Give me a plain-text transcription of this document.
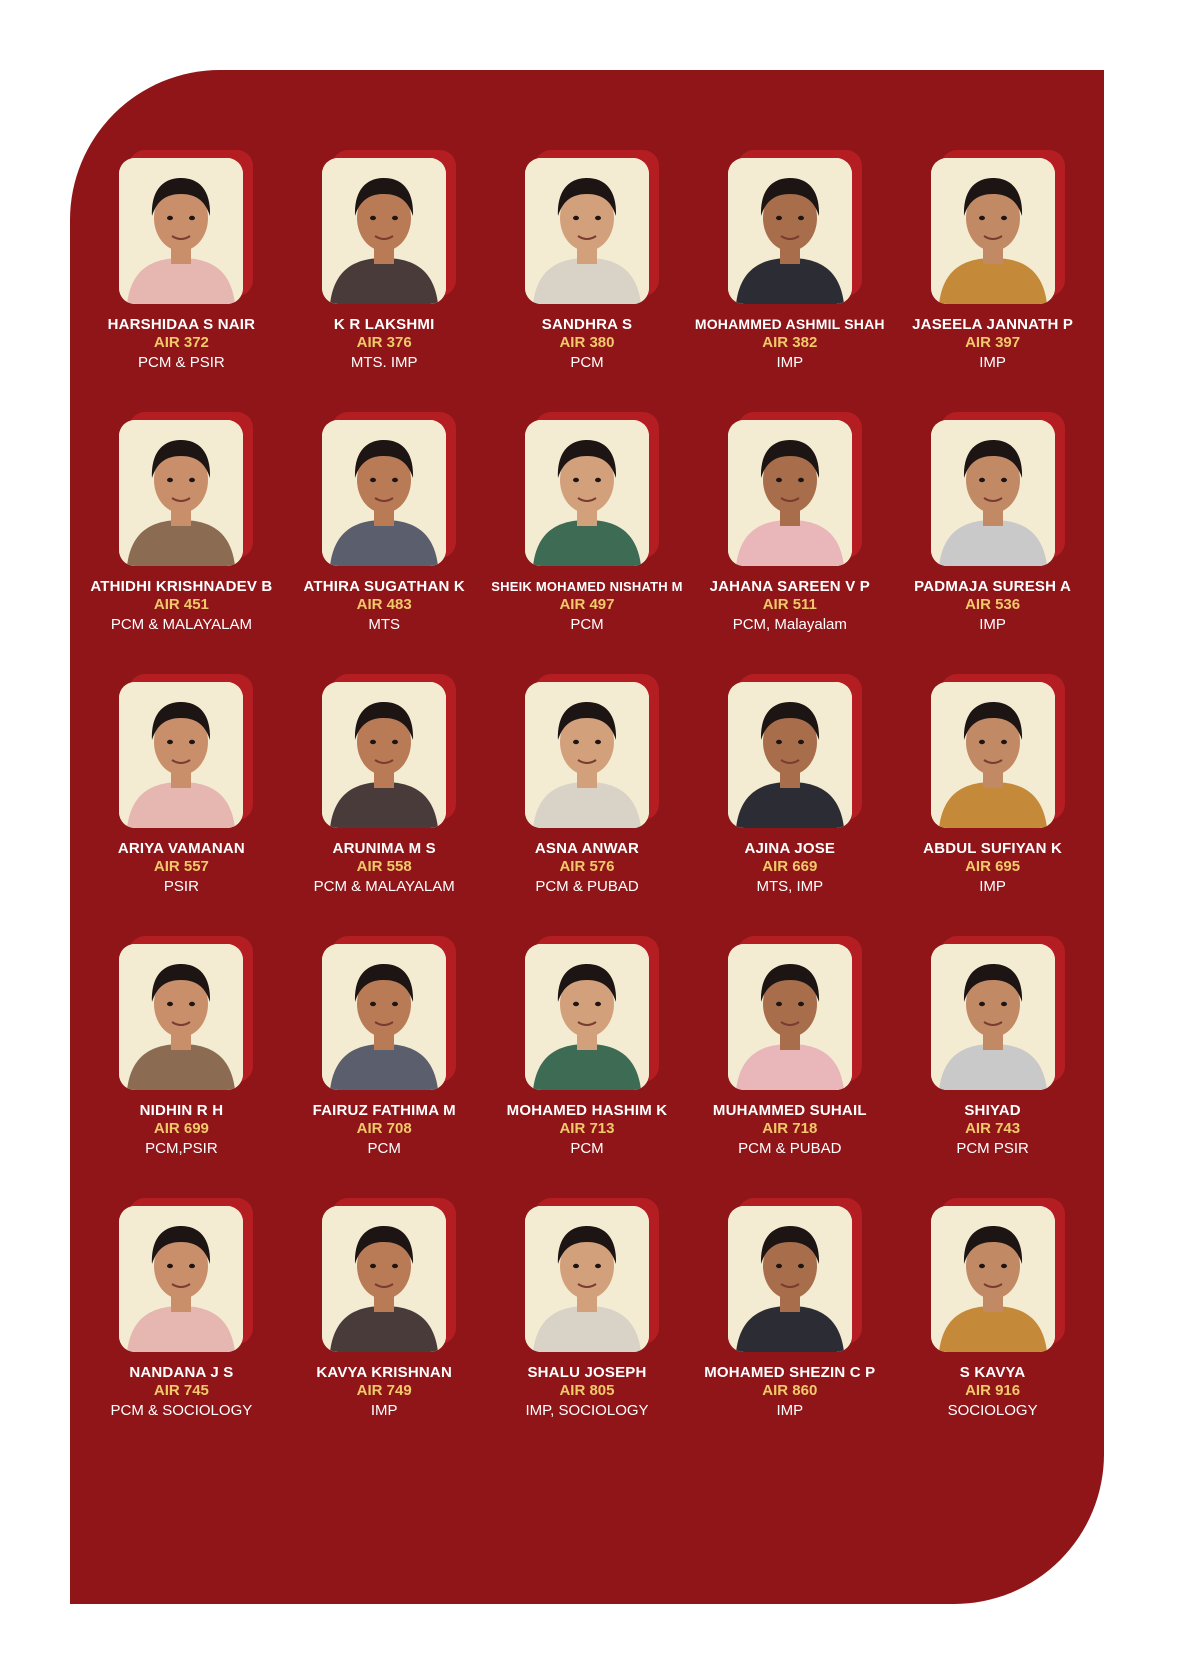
HARSHIDAA S NAIR
AIR 372
PCM & PSIR
K R LAKSHMI
AIR 376
MTS. IMP
SANDHRA S
AIR 380
PCM
MOHAMMED ASHMIL SHAH
AIR 382
IMP
JASEELA JANNATH P
AIR 397
IMP
ATHIDHI KRISHNADEV B
AIR 451
PCM & MALAYALAM
ATHIRA SUGATHAN K
AIR 483
MTS
SHEIK MOHAMED NISHATH M
AIR 497
PCM
JAHANA SAREEN V P
AIR 511
PCM, Malayalam
PADMAJA SURESH A
AIR 536
IMP
ARIYA VAMANAN
AIR 557
PSIR
ARUNIMA M S
AIR 558
PCM & MALAYALAM
ASNA ANWAR
AIR 576
PCM & PUBAD
AJINA JOSE
AIR 669
MTS, IMP
ABDUL SUFIYAN K
AIR 695
IMP
NIDHIN R H
AIR 699
PCM,PSIR
FAIRUZ FATHIMA M
AIR 708
PCM
MOHAMED HASHIM K
AIR 713
PCM
MUHAMMED SUHAIL
AIR 718
PCM & PUBAD
SHIYAD
AIR 743
PCM PSIR
NANDANA J S
AIR 745
PCM & SOCIOLOGY
KAVYA KRISHNAN
AIR 749
IMP
SHALU JOSEPH
AIR 805
IMP, SOCIOLOGY
MOHAMED SHEZIN C P
AIR 860
IMP
S KAVYA
AIR 916
SOCIOLOGY
